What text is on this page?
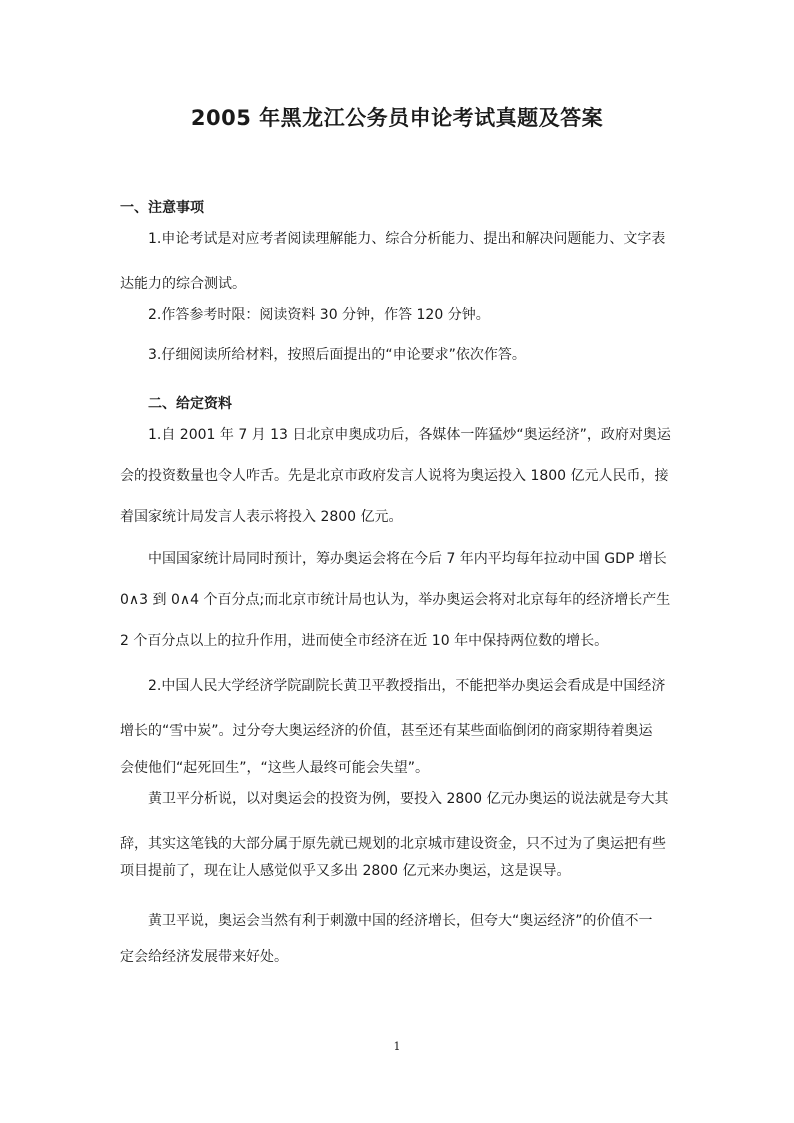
2005 年黑龙江公务员申论考试真题及答案
一、注意事项
1.申论考试是对应考者阅读理解能力、综合分析能力、提出和解决问题能力、文字表
达能力的综合测试。
2.作答参考时限：阅读资料 30 分钟，作答 120 分钟。
3.仔细阅读所给材料，按照后面提出的“申论要求”依次作答。
二、给定资料
1.自 2001 年 7 月 13 日北京申奥成功后，各媒体一阵猛炒“奥运经济”，政府对奥运
会的投资数量也令人咋舌。先是北京市政府发言人说将为奥运投入 1800 亿元人民币，接
着国家统计局发言人表示将投入 2800 亿元。
中国国家统计局同时预计，筹办奥运会将在今后 7 年内平均每年拉动中国 GDP 增长
0∧3 到 0∧4 个百分点;而北京市统计局也认为，举办奥运会将对北京每年的经济增长产生
2 个百分点以上的拉升作用，进而使全市经济在近 10 年中保持两位数的增长。
2.中国人民大学经济学院副院长黄卫平教授指出，不能把举办奥运会看成是中国经济
增长的“雪中炭”。过分夸大奥运经济的价值，甚至还有某些面临倒闭的商家期待着奥运
会使他们“起死回生”，“这些人最终可能会失望”。
黄卫平分析说，以对奥运会的投资为例，要投入 2800 亿元办奥运的说法就是夸大其
辞，其实这笔钱的大部分属于原先就已规划的北京城市建设资金，只不过为了奥运把有些
项目提前了，现在让人感觉似乎又多出 2800 亿元来办奥运，这是误导。
黄卫平说，奥运会当然有利于刺激中国的经济增长，但夸大“奥运经济”的价值不一
定会给经济发展带来好处。
1
